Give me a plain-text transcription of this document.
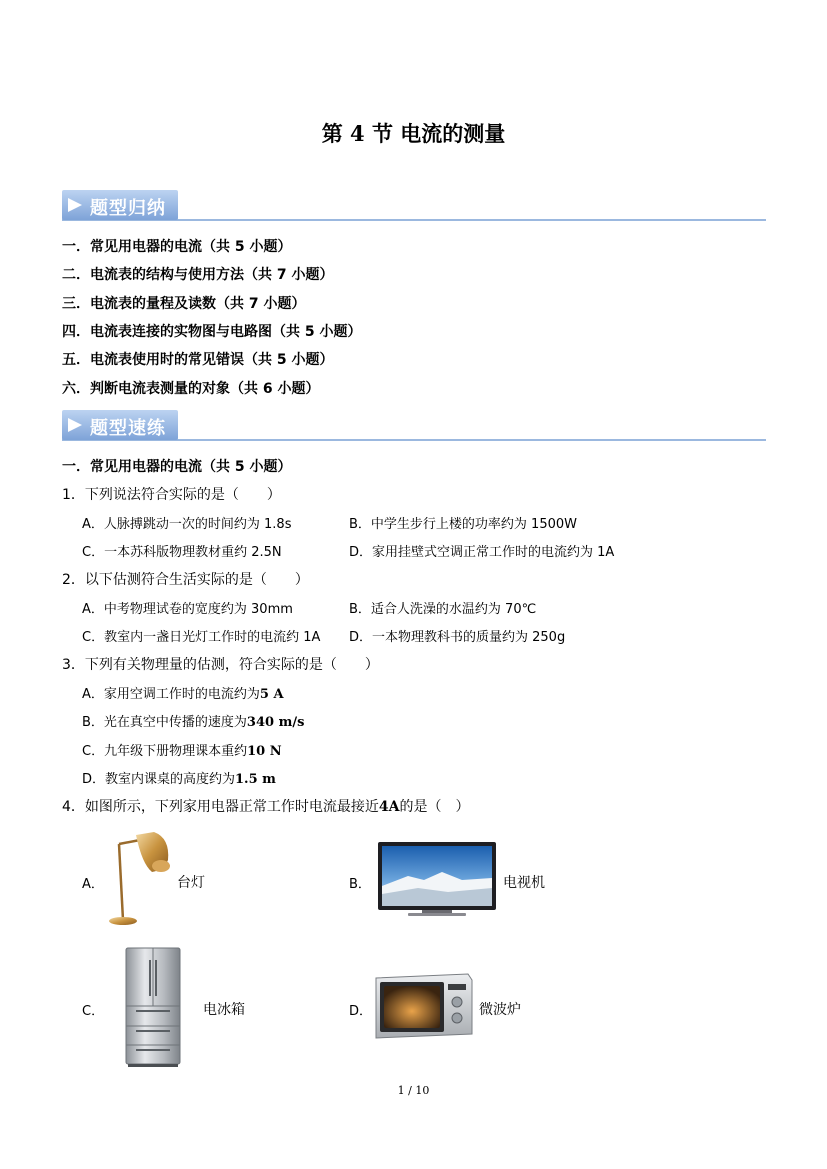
第 4 节 电流的测量
题型归纳
一．常见用电器的电流（共 5 小题）
二．电流表的结构与使用方法（共 7 小题）
三．电流表的量程及读数（共 7 小题）
四．电流表连接的实物图与电路图（共 5 小题）
五．电流表使用时的常见错误（共 5 小题）
六．判断电流表测量的对象（共 6 小题）
题型速练
一．常见用电器的电流（共 5 小题）
1．下列说法符合实际的是（　　）
A．人脉搏跳动一次的时间约为 1.8s	B．中学生步行上楼的功率约为 1500W
C．一本苏科版物理教材重约 2.5N	D．家用挂壁式空调正常工作时的电流约为 1A
2．以下估测符合生活实际的是（　　）
A．中考物理试卷的宽度约为 30mm	B．适合人洗澡的水温约为 70℃
C．教室内一盏日光灯工作时的电流约 1A D．一本物理教科书的质量约为 250g
3．下列有关物理量的估测，符合实际的是（　　）
A．家用空调工作时的电流约为5 A
B．光在真空中传播的速度为340 m/s
C．九年级下册物理课本重约10 N
D．教室内课桌的高度约为1.5 m
4．如图所示，下列家用电器正常工作时电流最接近4A的是（　）
A．	台灯	B．	电视机
C．	电冰箱	D．	微波炉
1 / 10
